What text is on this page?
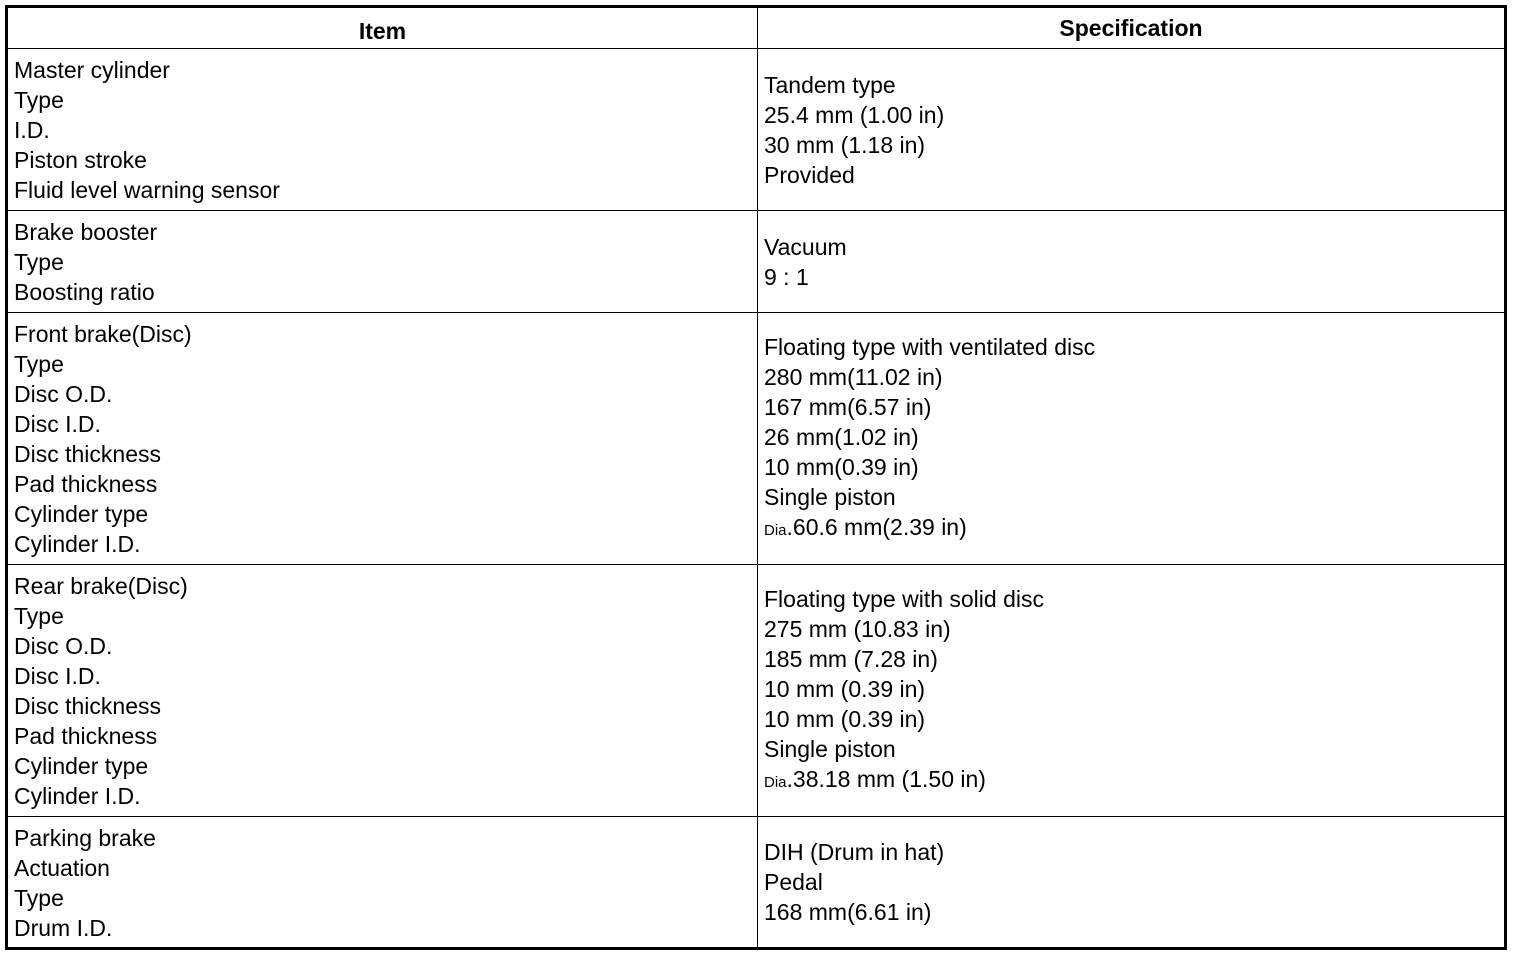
Item	Specification
Master cylinder
Type
I.D.
Piston stroke
Fluid level warning sensor
Tandem type
25.4 mm (1.00 in)
30 mm (1.18 in)
Provided
Brake booster
Type
Boosting ratio
Vacuum
9 : 1
Front brake(Disc)
Type
Disc O.D.
Disc I.D.
Disc thickness
Pad thickness
Cylinder type
Cylinder I.D.
Floating type with ventilated disc
280 mm(11.02 in)
167 mm(6.57 in)
26 mm(1.02 in)
10 mm(0.39 in)
Single piston
Dia.60.6 mm(2.39 in)
Rear brake(Disc)
Type
Disc O.D.
Disc I.D.
Disc thickness
Pad thickness
Cylinder type
Cylinder I.D.
Floating type with solid disc
275 mm (10.83 in)
185 mm (7.28 in)
10 mm (0.39 in)
10 mm (0.39 in)
Single piston
Dia.38.18 mm (1.50 in)
Parking brake
Actuation
Type
Drum I.D.
DIH (Drum in hat)
Pedal
168 mm(6.61 in)
